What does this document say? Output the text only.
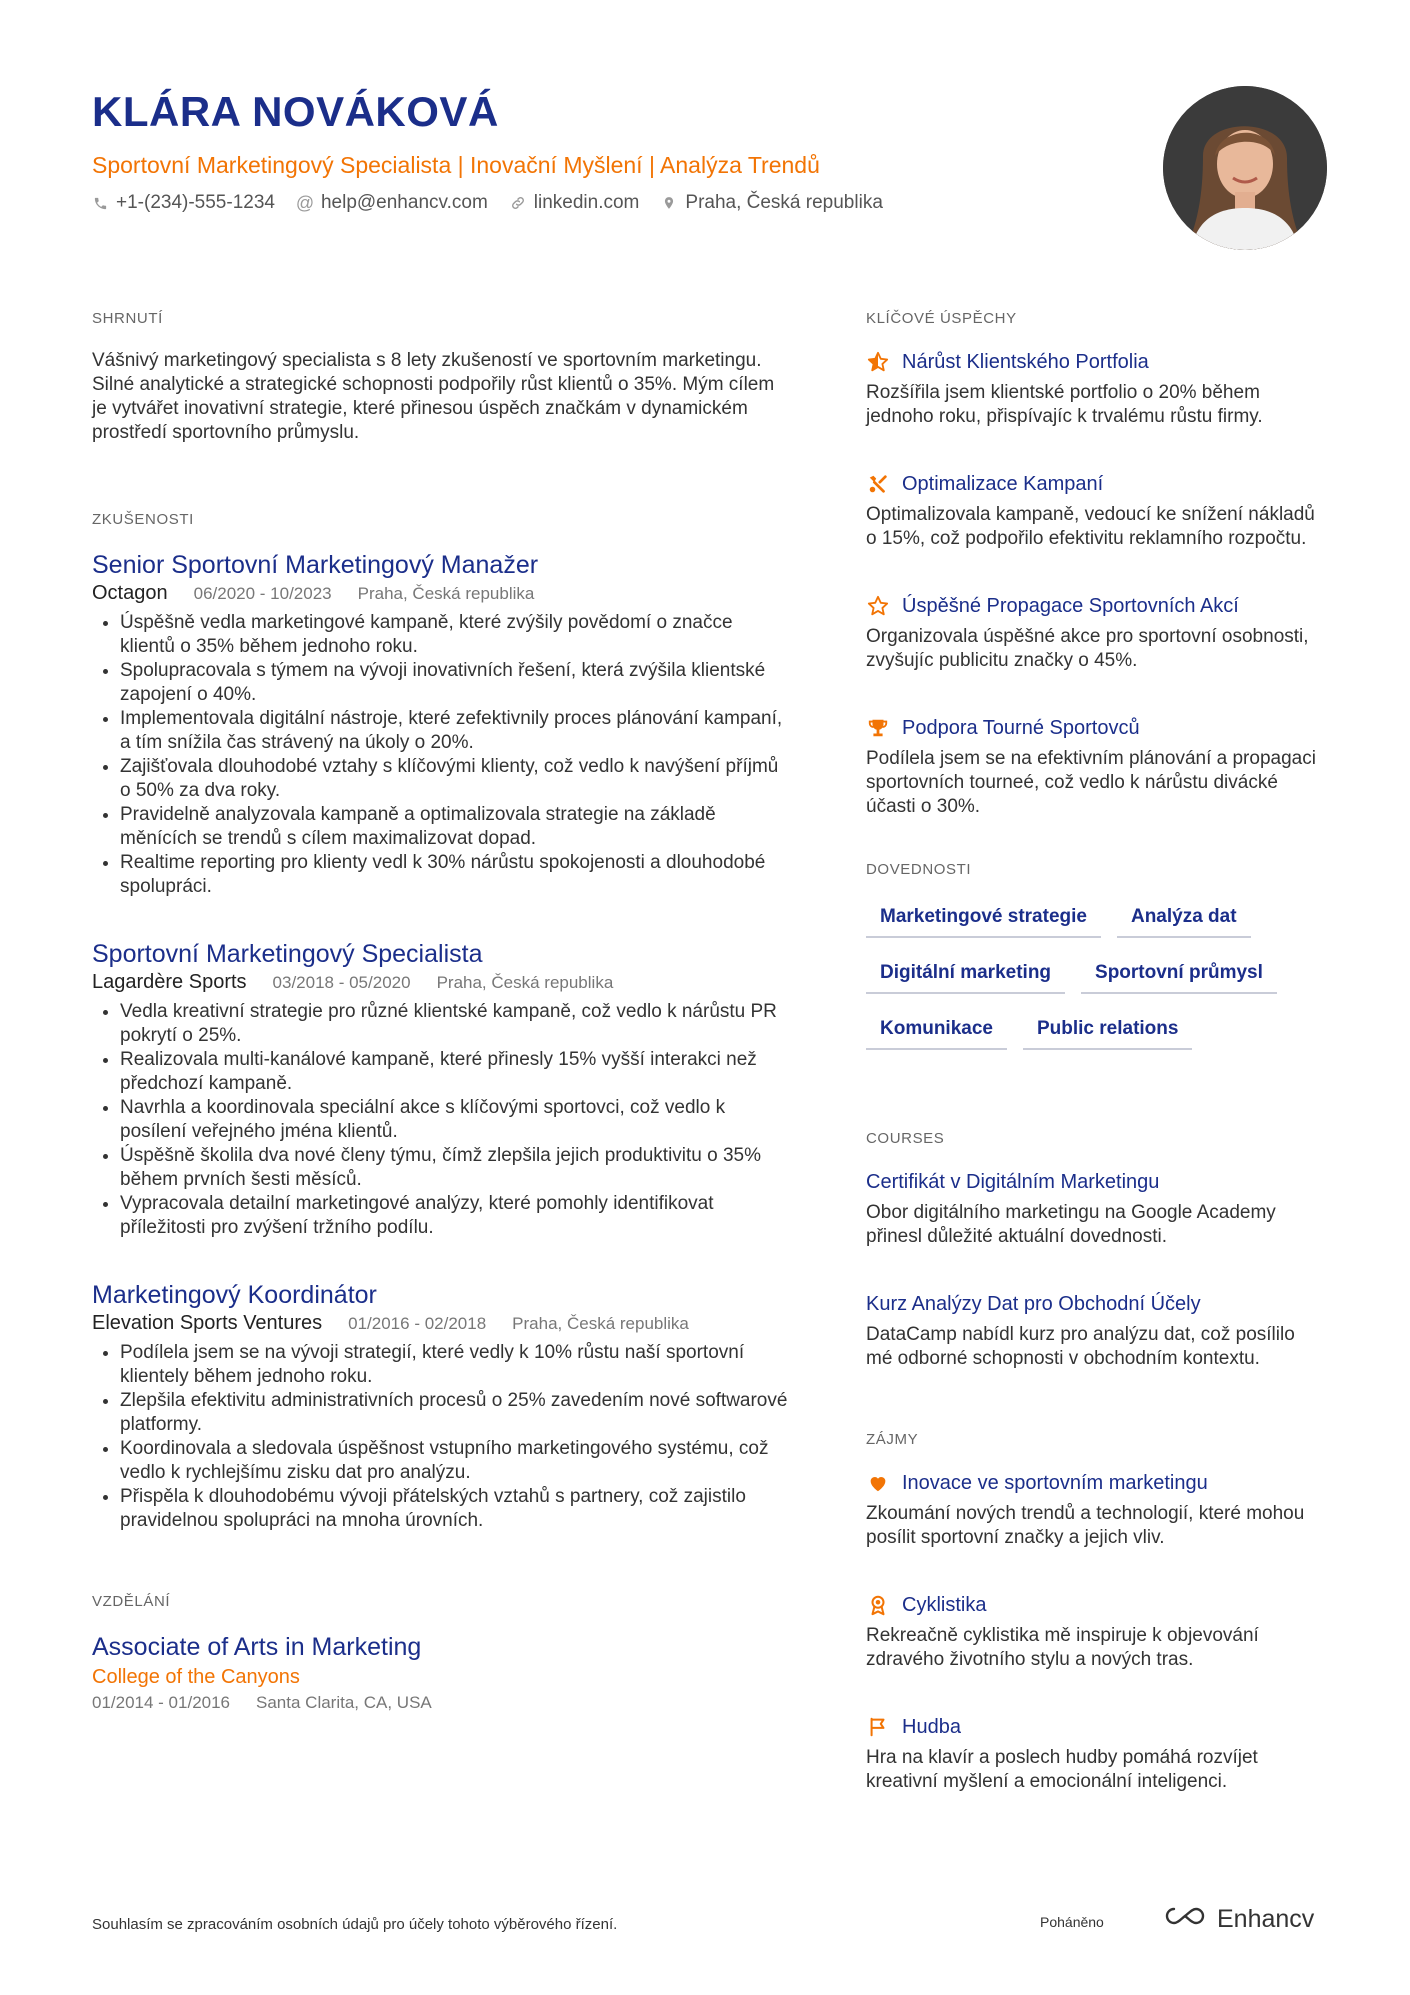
KLÁRA NOVÁKOVÁ
Sportovní Marketingový Specialista | Inovační Myšlení | Analýza Trendů
+1-(234)-555-1234 @ help@enhancv.com linkedin.com Praha, Česká republika
SHRNUTÍ

Vášnivý marketingový specialista s 8 lety zkušeností ve sportovním marketingu. Silné analytické a strategické schopnosti podpořily růst klientů o 35%. Mým cílem je vytvářet inovativní strategie, které přinesou úspěch značkám v dynamickém prostředí sportovního průmyslu.

ZKUŠENOSTI
Senior Sportovní Marketingový Manažer
Octagon 06/2020 - 10/2023 Praha, Česká republika
• Úspěšně vedla marketingové kampaně, které zvýšily povědomí o značce klientů o 35% během jednoho roku.
• Spolupracovala s týmem na vývoji inovativních řešení, která zvýšila klientské zapojení o 40%.
• Implementovala digitální nástroje, které zefektivnily proces plánování kampaní, a tím snížila čas strávený na úkoly o 20%.
• Zajišťovala dlouhodobé vztahy s klíčovými klienty, což vedlo k navýšení příjmů o 50% za dva roky.
• Pravidelně analyzovala kampaně a optimalizovala strategie na základě měnících se trendů s cílem maximalizovat dopad.
• Realtime reporting pro klienty vedl k 30% nárůstu spokojenosti a dlouhodobé spolupráci.
Sportovní Marketingový Specialista
Lagardère Sports 03/2018 - 05/2020 Praha, Česká republika
• Vedla kreativní strategie pro různé klientské kampaně, což vedlo k nárůstu PR pokrytí o 25%.
• Realizovala multi-kanálové kampaně, které přinesly 15% vyšší interakci než předchozí kampaně.
• Navrhla a koordinovala speciální akce s klíčovými sportovci, což vedlo k posílení veřejného jména klientů.
• Úspěšně školila dva nové členy týmu, čímž zlepšila jejich produktivitu o 35% během prvních šesti měsíců.
• Vypracovala detailní marketingové analýzy, které pomohly identifikovat příležitosti pro zvýšení tržního podílu.
Marketingový Koordinátor
Elevation Sports Ventures 01/2016 - 02/2018 Praha, Česká republika
• Podílela jsem se na vývoji strategií, které vedly k 10% růstu naší sportovní klientely během jednoho roku.
• Zlepšila efektivitu administrativních procesů o 25% zavedením nové softwarové platformy.
• Koordinovala a sledovala úspěšnost vstupního marketingového systému, což vedlo k rychlejšímu zisku dat pro analýzu.
• Přispěla k dlouhodobému vývoji přátelských vztahů s partnery, což zajistilo pravidelnou spolupráci na mnoha úrovních.
VZDĚLÁNÍ
Associate of Arts in Marketing
College of the Canyons
01/2014 - 01/2016 Santa Clarita, CA, USA
KLÍČOVÉ ÚSPĚCHY
Nárůst Klientského Portfolia
Rozšířila jsem klientské portfolio o 20% během jednoho roku, přispívajíc k trvalému růstu firmy.
Optimalizace Kampaní
Optimalizovala kampaně, vedoucí ke snížení nákladů o 15%, což podpořilo efektivitu reklamního rozpočtu.
Úspěšné Propagace Sportovních Akcí
Organizovala úspěšné akce pro sportovní osobnosti, zvyšujíc publicitu značky o 45%.
Podpora Tourné Sportovců
Podílela jsem se na efektivním plánování a propagaci sportovních tourneé, což vedlo k nárůstu divácké účasti o 30%.
DOVEDNOSTI
Marketingové strategie	Analýza dat
Digitální marketing	Sportovní průmysl
Komunikace	Public relations
COURSES
Certifikát v Digitálním Marketingu
Obor digitálního marketingu na Google Academy přinesl důležité aktuální dovednosti.
Kurz Analýzy Dat pro Obchodní Účely
DataCamp nabídl kurz pro analýzu dat, což posílilo mé odborné schopnosti v obchodním kontextu.
ZÁJMY
Inovace ve sportovním marketingu
Zkoumání nových trendů a technologií, které mohou posílit sportovní značky a jejich vliv.
Cyklistika
Rekreačně cyklistika mě inspiruje k objevování zdravého životního stylu a nových tras.
Hudba
Hra na klavír a poslech hudby pomáhá rozvíjet kreativní myšlení a emocionální inteligenci.
Souhlasím se zpracováním osobních údajů pro účely tohoto výběrového řízení.	Poháněno	Enhancv
